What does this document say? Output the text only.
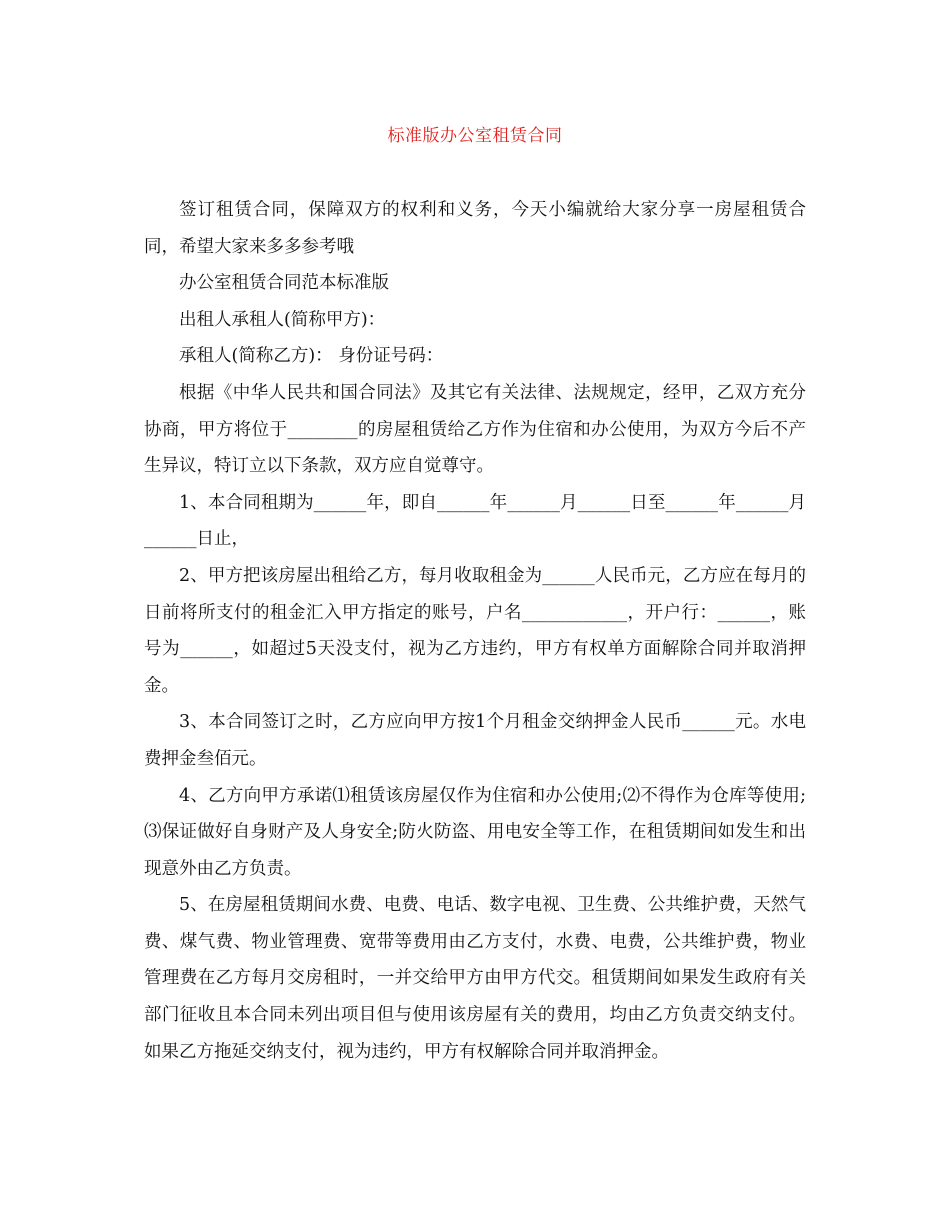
标准版办公室租赁合同

签订租赁合同，保障双方的权利和义务，今天小编就给大家分享一房屋租赁合同，希望大家来多多参考哦

办公室租赁合同范本标准版

出租人承租人(简称甲方)：

承租人(简称乙方)： 身份证号码：

根据《中华人民共和国合同法》及其它有关法律、法规规定，经甲，乙双方充分协商，甲方将位于________的房屋租赁给乙方作为住宿和办公使用，为双方今后不产生异议，特订立以下条款，双方应自觉尊守。

1、本合同租期为______年，即自______年______月______日至______年______月______日止，

2、甲方把该房屋出租给乙方，每月收取租金为______人民币元，乙方应在每月的 日前将所支付的租金汇入甲方指定的账号，户名____________，开户行：______，账号为______，如超过5天没支付，视为乙方违约，甲方有权单方面解除合同并取消押金。

3、本合同签订之时，乙方应向甲方按1个月租金交纳押金人民币______元。水电费押金叁佰元。

4、乙方向甲方承诺⑴租赁该房屋仅作为住宿和办公使用;⑵不得作为仓库等使用;⑶保证做好自身财产及人身安全;防火防盗、用电安全等工作，在租赁期间如发生和出现意外由乙方负责。

5、在房屋租赁期间水费、电费、电话、数字电视、卫生费、公共维护费，天然气费、煤气费、物业管理费、宽带等费用由乙方支付，水费、电费，公共维护费，物业管理费在乙方每月交房租时，一并交给甲方由甲方代交。租赁期间如果发生政府有关部门征收且本合同未列出项目但与使用该房屋有关的费用，均由乙方负责交纳支付。如果乙方拖延交纳支付，视为违约，甲方有权解除合同并取消押金。
